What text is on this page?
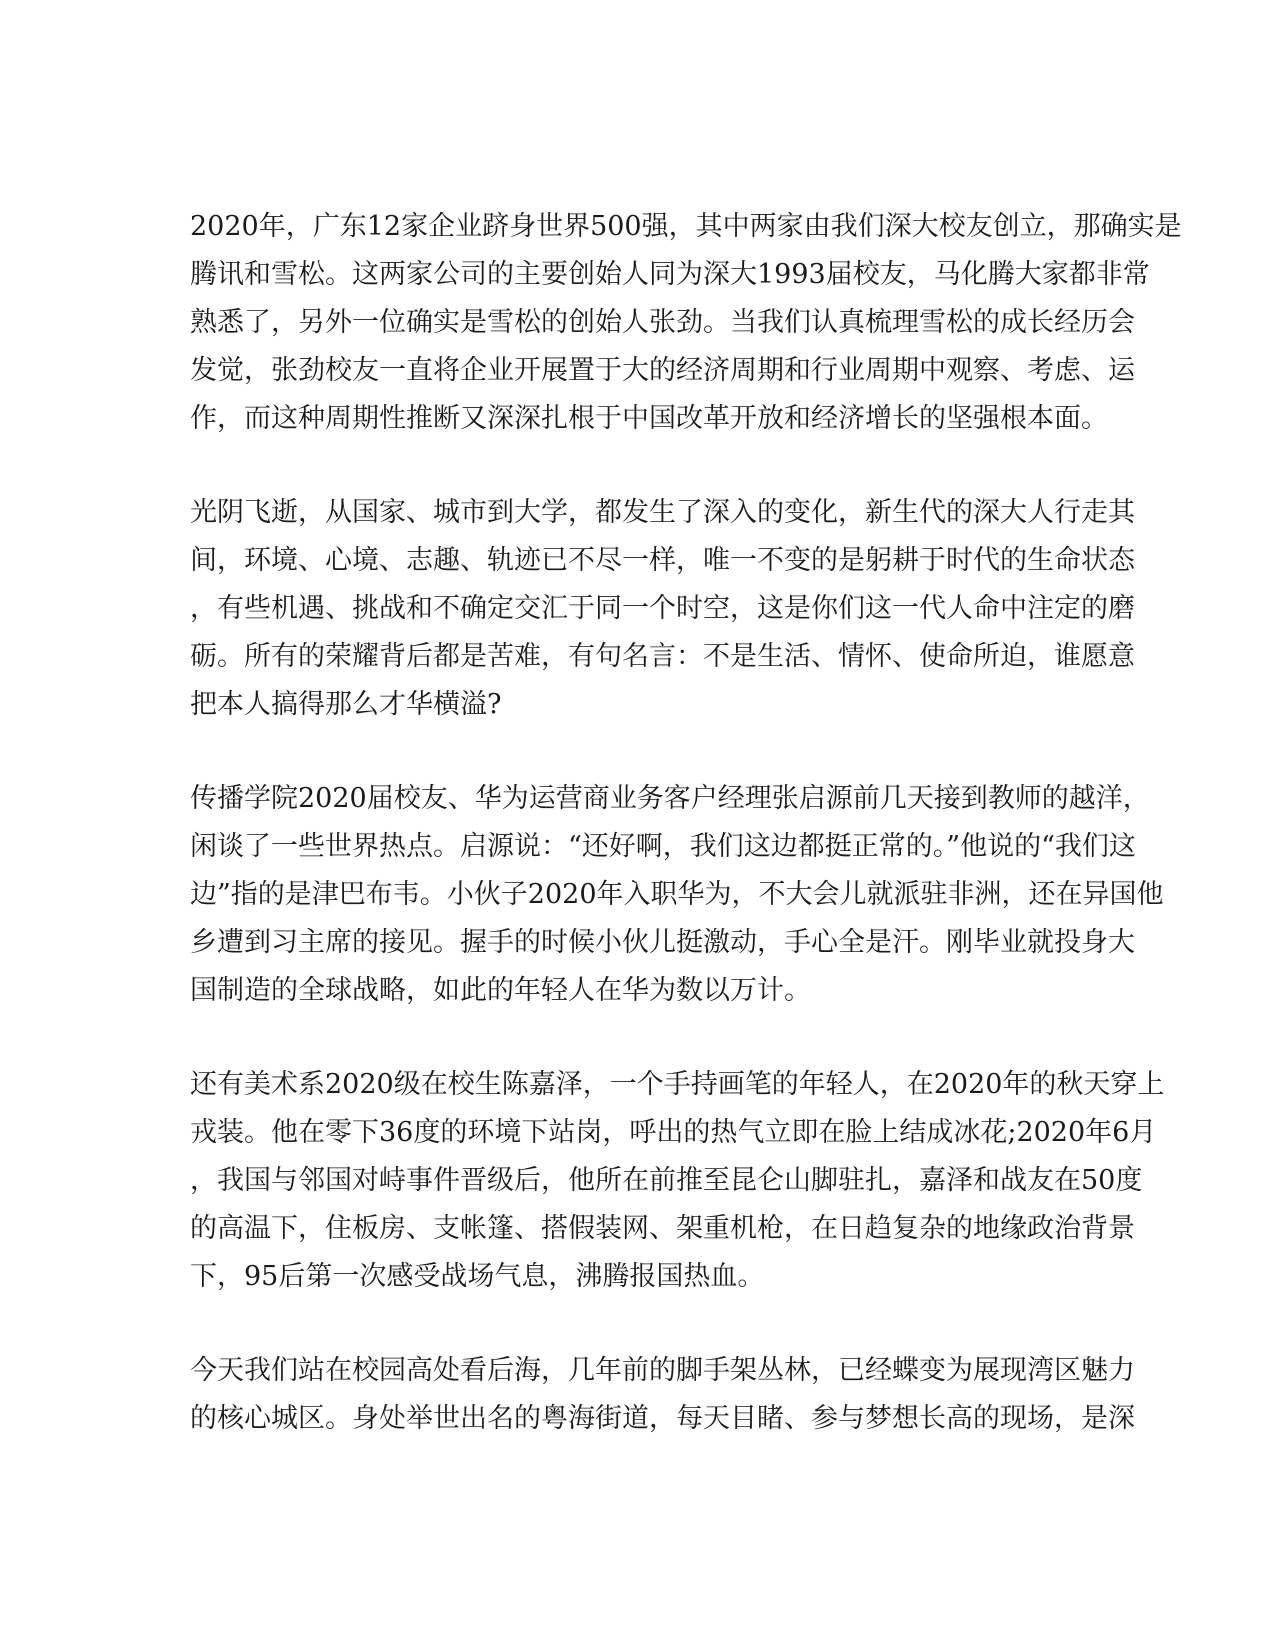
2020年，广东12家企业跻身世界500强，其中两家由我们深大校友创立，那确实是
腾讯和雪松。这两家公司的主要创始人同为深大1993届校友，马化腾大家都非常
熟悉了，另外一位确实是雪松的创始人张劲。当我们认真梳理雪松的成长经历会
发觉，张劲校友一直将企业开展置于大的经济周期和行业周期中观察、考虑、运
作，而这种周期性推断又深深扎根于中国改革开放和经济增长的坚强根本面。

光阴飞逝，从国家、城市到大学，都发生了深入的变化，新生代的深大人行走其
间，环境、心境、志趣、轨迹已不尽一样，唯一不变的是躬耕于时代的生命状态
，有些机遇、挑战和不确定交汇于同一个时空，这是你们这一代人命中注定的磨
砺。所有的荣耀背后都是苦难，有句名言：不是生活、情怀、使命所迫，谁愿意
把本人搞得那么才华横溢?

传播学院2020届校友、华为运营商业务客户经理张启源前几天接到教师的越洋，
闲谈了一些世界热点。启源说：“还好啊，我们这边都挺正常的。”他说的“我们这
边”指的是津巴布韦。小伙子2020年入职华为，不大会儿就派驻非洲，还在异国他
乡遭到习主席的接见。握手的时候小伙儿挺激动，手心全是汗。刚毕业就投身大
国制造的全球战略，如此的年轻人在华为数以万计。

还有美术系2020级在校生陈嘉泽，一个手持画笔的年轻人，在2020年的秋天穿上
戎装。他在零下36度的环境下站岗，呼出的热气立即在脸上结成冰花;2020年6月
，我国与邻国对峙事件晋级后，他所在前推至昆仑山脚驻扎，嘉泽和战友在50度
的高温下，住板房、支帐篷、搭假装网、架重机枪，在日趋复杂的地缘政治背景
下，95后第一次感受战场气息，沸腾报国热血。

今天我们站在校园高处看后海，几年前的脚手架丛林，已经蝶变为展现湾区魅力
的核心城区。身处举世出名的粤海街道，每天目睹、参与梦想长高的现场，是深
